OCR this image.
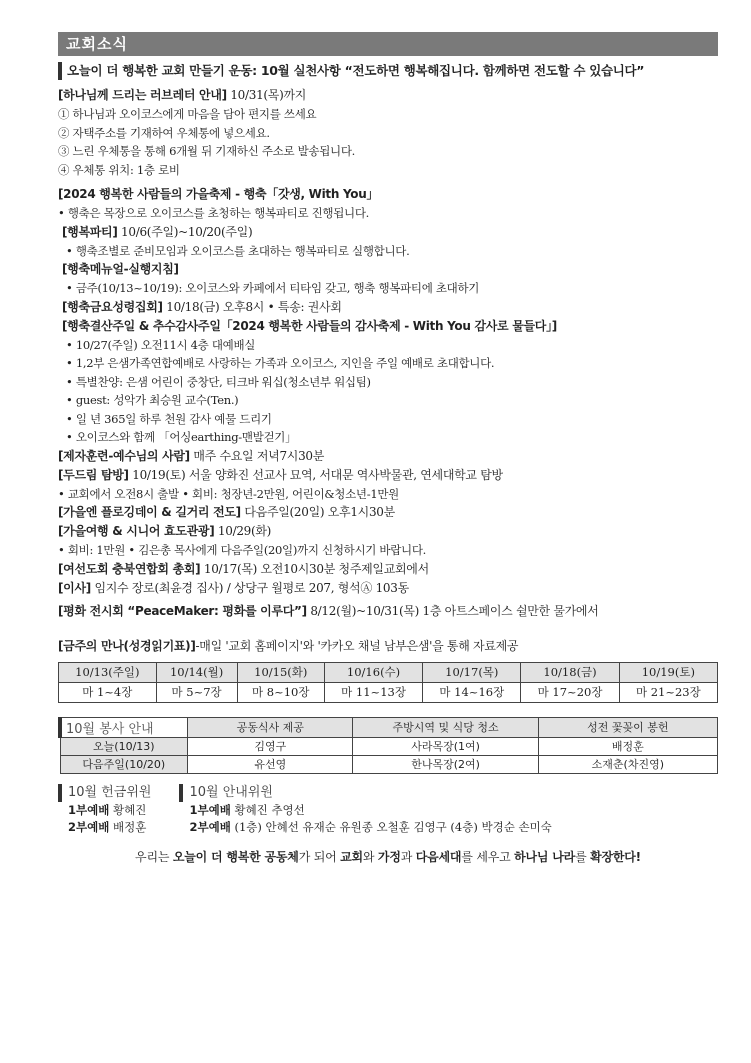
교회소식
오늘이 더 행복한 교회 만들기 운동: 10월 실천사항 “전도하면 행복해집니다. 함께하면 전도할 수 있습니다”
[하나님께 드리는 러브레터 안내] 10/31(목)까지
① 하나님과 오이코스에게 마음을 담아 편지를 쓰세요
② 자택주소를 기재하여 우체통에 넣으세요.
③ 느린 우체통을 통해 6개월 뒤 기재하신 주소로 발송됩니다.
④ 우체통 위치: 1층 로비
[2024 행복한 사람들의 가을축제 - 행축「갓생, With You」
• 행축은 목장으로 오이코스를 초청하는 행복파티로 진행됩니다.
[행복파티] 10/6(주일)~10/20(주일)
• 행축조별로 준비모임과 오이코스를 초대하는 행복파티로 실행합니다.
[행축메뉴얼-실행지침]
• 금주(10/13~10/19): 오이코스와 카페에서 티타임 갖고, 행축 행복파티에 초대하기
[행축금요성령집회] 10/18(금) 오후8시 • 특송: 권사회
[행축결산주일 & 추수감사주일「2024 행복한 사람들의 감사축제 - With You 감사로 물들다」]
• 10/27(주일) 오전11시 4층 대예배실
• 1,2부 은샘가족연합예배로 사랑하는 가족과 오이코스, 지인을 주일 예배로 초대합니다.
• 특별찬양: 은샘 어린이 중창단, 티크바 워십(청소년부 워십팀)
• guest: 성악가 최승원 교수(Ten.)
• 일 년 365일 하루 천원 감사 예물 드리기
• 오이코스와 함께 「어싱earthing-맨발걷기」
[제자훈련-예수님의 사람] 매주 수요일 저녁7시30분
[두드림 탐방] 10/19(토) 서울 양화진 선교사 묘역, 서대문 역사박물관, 연세대학교 탐방
• 교회에서 오전8시 출발 • 회비: 청장년-2만원, 어린이&청소년-1만원
[가을엔 플로깅데이 & 길거리 전도] 다음주일(20일) 오후1시30분
[가을여행 & 시니어 효도관광] 10/29(화)
• 회비: 1만원 • 김은총 목사에게 다음주일(20일)까지 신청하시기 바랍니다.
[여선도회 충북연합회 총회] 10/17(목) 오전10시30분 청주제일교회에서
[이사] 임지수 장로(최윤경 집사) / 상당구 월평로 207, 형석Ⓐ 103동
[평화 전시회 “PeaceMaker: 평화를 이루다”] 8/12(월)~10/31(목) 1층 아트스페이스 쉴만한 물가에서
[금주의 만나(성경읽기표)]-매일 '교회 홈페이지'와 '카카오 채널 남부은샘'을 통해 자료제공
10/13(주일)	10/14(월)	10/15(화)	10/16(수)	10/17(목)	10/18(금)	10/19(토)
마 1~4장	마 5~7장	마 8~10장	마 11~13장	마 14~16장	마 17~20장	마 21~23장
10월 봉사 안내	공동식사 제공	주방시역 및 식당 청소	성전 꽃꽂이 봉헌
오늘(10/13)	김영구	사라목장(1여)	배정훈
다음주일(10/20)	유선영	한나목장(2여)	소재춘(차진영)
10월 헌금위원
1부예배 황혜진
2부예배 배정훈
10월 안내위원
1부예배 황혜진 추영선
2부예배 (1층) 안혜선 유재순 유원종 오철훈 김영구 (4층) 박경순 손미숙
우리는 오늘이 더 행복한 공동체가 되어 교회와 가정과 다음세대를 세우고 하나님 나라를 확장한다!
